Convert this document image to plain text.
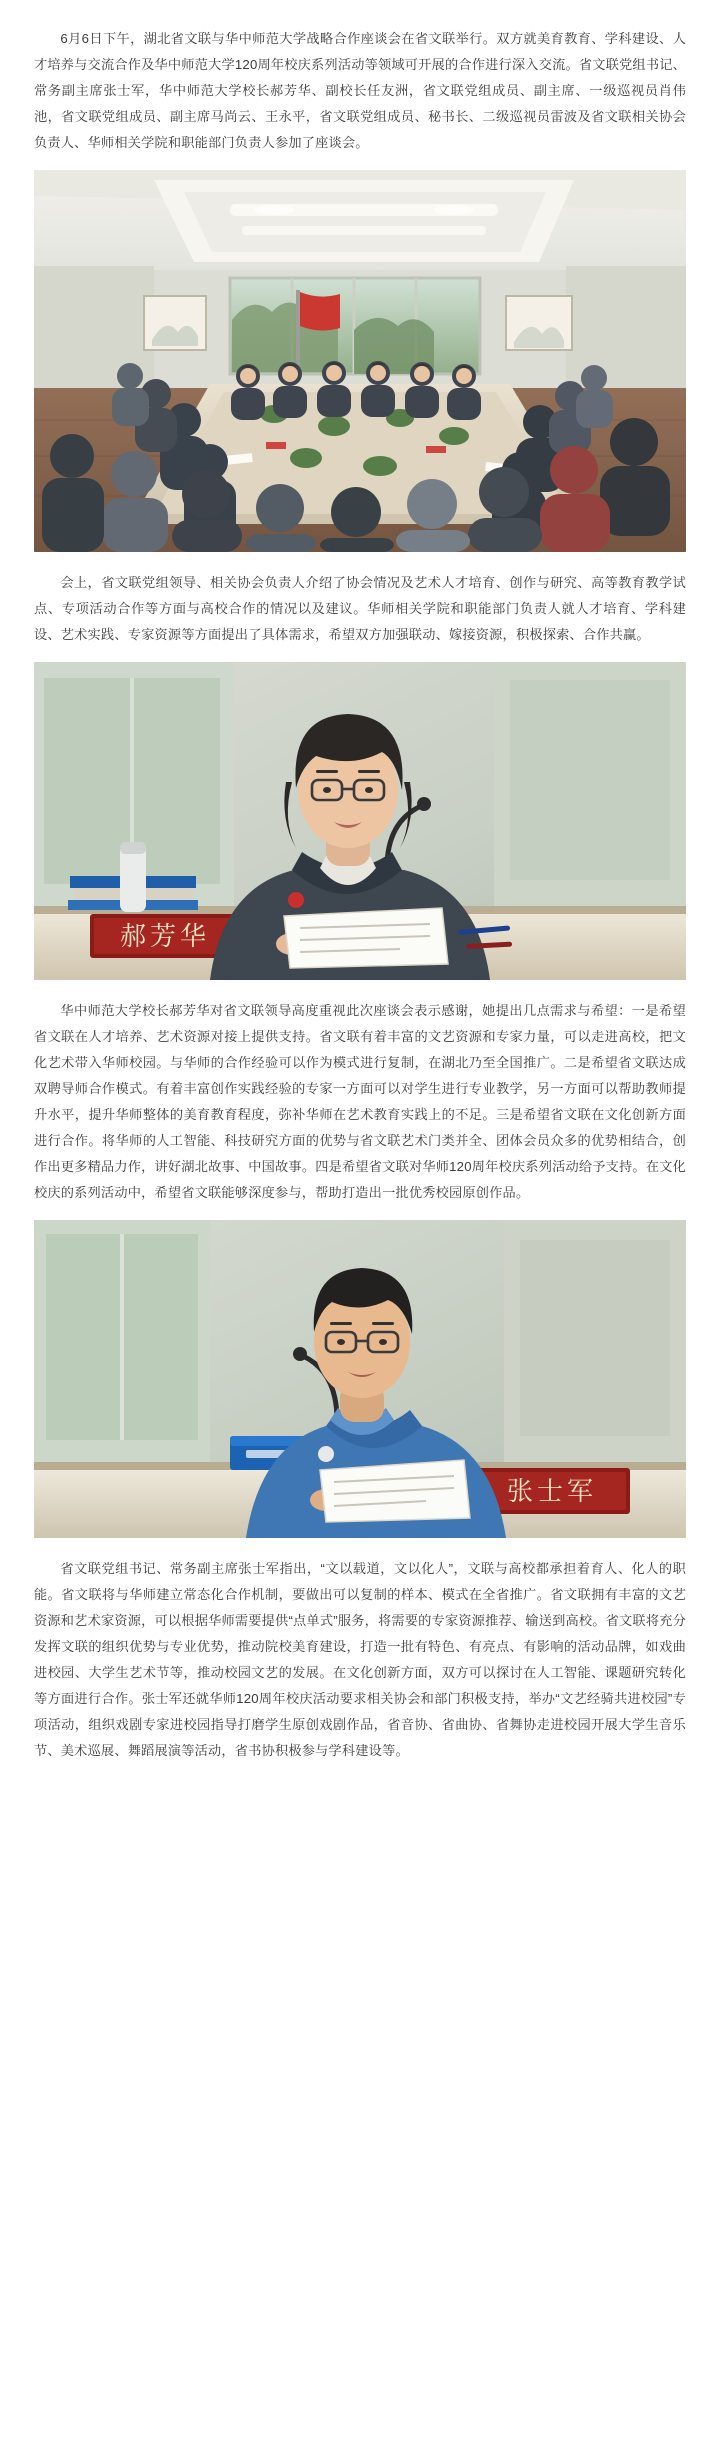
6月6日下午，湖北省文联与华中师范大学战略合作座谈会在省文联举行。双方就美育教育、学科建设、人才培养与交流合作及华中师范大学120周年校庆系列活动等领域可开展的合作进行深入交流。省文联党组书记、常务副主席张士军，华中师范大学校长郝芳华、副校长任友洲，省文联党组成员、副主席、一级巡视员肖伟池，省文联党组成员、副主席马尚云、王永平，省文联党组成员、秘书长、二级巡视员雷波及省文联相关协会负责人、华师相关学院和职能部门负责人参加了座谈会。

会上，省文联党组领导、相关协会负责人介绍了协会情况及艺术人才培育、创作与研究、高等教育教学试点、专项活动合作等方面与高校合作的情况以及建议。华师相关学院和职能部门负责人就人才培育、学科建设、艺术实践、专家资源等方面提出了具体需求，希望双方加强联动、嫁接资源，积极探索、合作共赢。

郝芳华

华中师范大学校长郝芳华对省文联领导高度重视此次座谈会表示感谢，她提出几点需求与希望：一是希望省文联在人才培养、艺术资源对接上提供支持。省文联有着丰富的文艺资源和专家力量，可以走进高校，把文化艺术带入华师校园。与华师的合作经验可以作为模式进行复制，在湖北乃至全国推广。二是希望省文联达成双聘导师合作模式。有着丰富创作实践经验的专家一方面可以对学生进行专业教学，另一方面可以帮助教师提升水平，提升华师整体的美育教育程度，弥补华师在艺术教育实践上的不足。三是希望省文联在文化创新方面进行合作。将华师的人工智能、科技研究方面的优势与省文联艺术门类并全、团体会员众多的优势相结合，创作出更多精品力作，讲好湖北故事、中国故事。四是希望省文联对华师120周年校庆系列活动给予支持。在文化校庆的系列活动中，希望省文联能够深度参与，帮助打造出一批优秀校园原创作品。

张士军

省文联党组书记、常务副主席张士军指出，“文以载道，文以化人”，文联与高校都承担着育人、化人的职能。省文联将与华师建立常态化合作机制，要做出可以复制的样本、模式在全省推广。省文联拥有丰富的文艺资源和艺术家资源，可以根据华师需要提供“点单式”服务，将需要的专家资源推荐、输送到高校。省文联将充分发挥文联的组织优势与专业优势，推动院校美育建设，打造一批有特色、有亮点、有影响的活动品牌，如戏曲进校园、大学生艺术节等，推动校园文艺的发展。在文化创新方面，双方可以探讨在人工智能、课题研究转化等方面进行合作。张士军还就华师120周年校庆活动要求相关协会和部门积极支持，举办“文艺经骑共进校园”专项活动，组织戏剧专家进校园指导打磨学生原创戏剧作品，省音协、省曲协、省舞协走进校园开展大学生音乐节、美术巡展、舞蹈展演等活动，省书协积极参与学科建设等。
